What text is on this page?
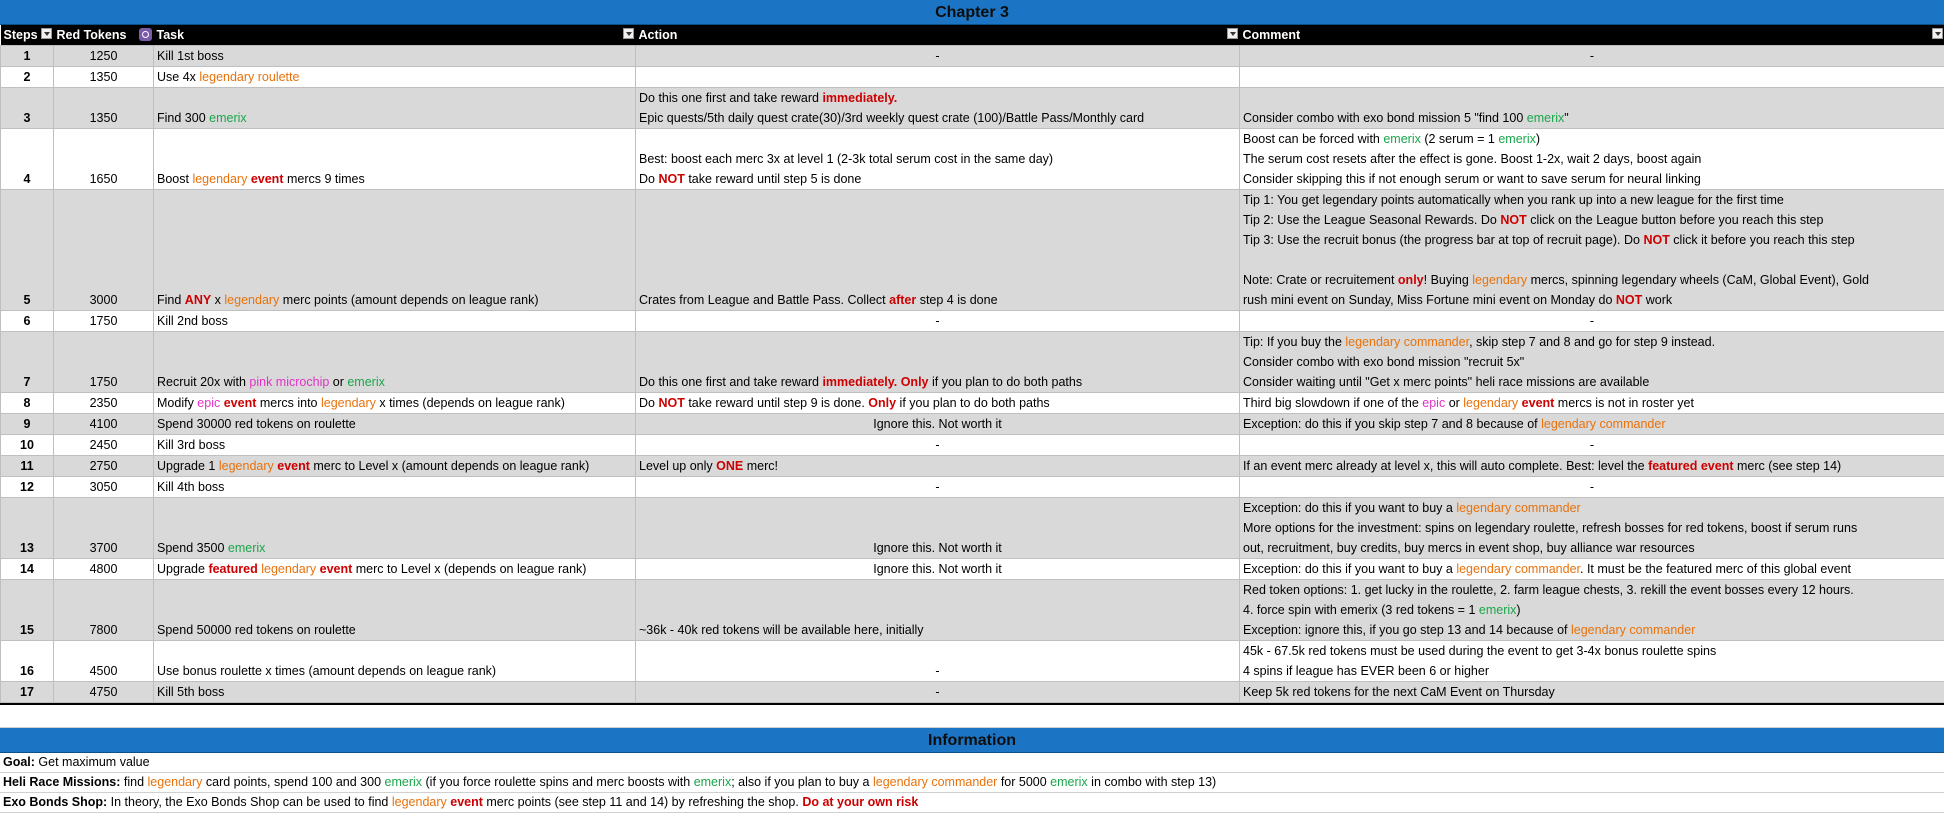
Chapter 3
Steps	Red Tokens	Task	Action	Comment

1	1250	Kill 1st boss	-	-

2	1350	Use 4x legendary roulette		

3	1350	Find 300 emerix	Do this one first and take reward immediately.
Epic quests/5th daily quest crate(30)/3rd weekly quest crate (100)/Battle Pass/Monthly card	Consider combo with exo bond mission 5 "find 100 emerix"

4	1650	Boost legendary event mercs 9 times	Best: boost each merc 3x at level 1 (2-3k total serum cost in the same day)
Do NOT take reward until step 5 is done	Boost can be forced with emerix (2 serum = 1 emerix)
The serum cost resets after the effect is gone. Boost 1-2x, wait 2 days, boost again
Consider skipping this if not enough serum or want to save serum for neural linking

5	3000	Find ANY x legendary merc points (amount depends on league rank)	Crates from League and Battle Pass. Collect after step 4 is done	Tip 1: You get legendary points automatically when you rank up into a new league for the first time
Tip 2: Use the League Seasonal Rewards. Do NOT click on the League button before you reach this step
Tip 3: Use the recruit bonus (the progress bar at top of recruit page). Do NOT click it before you reach this step
Note: Crate or recruitement only! Buying legendary mercs, spinning legendary wheels (CaM, Global Event), Gold
rush mini event on Sunday, Miss Fortune mini event on Monday do NOT work

6	1750	Kill 2nd boss	-	-

7	1750	Recruit 20x with pink microchip or emerix	Do this one first and take reward immediately. Only if you plan to do both paths	Tip: If you buy the legendary commander, skip step 7 and 8 and go for step 9 instead.
Consider combo with exo bond mission "recruit 5x"
Consider waiting until "Get x merc points" heli race missions are available

8	2350	Modify epic event mercs into legendary x times (depends on league rank)	Do NOT take reward until step 9 is done. Only if you plan to do both paths	Third big slowdown if one of the epic or legendary event mercs is not in roster yet

9	4100	Spend 30000 red tokens on roulette	Ignore this. Not worth it	Exception: do this if you skip step 7 and 8 because of legendary commander

10	2450	Kill 3rd boss	-	-

11	2750	Upgrade 1 legendary event merc to Level x (amount depends on league rank)	Level up only ONE merc!	If an event merc already at level x, this will auto complete. Best: level the featured event merc (see step 14)

12	3050	Kill 4th boss	-	-

13	3700	Spend 3500 emerix	Ignore this. Not worth it	Exception: do this if you want to buy a legendary commander
More options for the investment: spins on legendary roulette, refresh bosses for red tokens, boost if serum runs
out, recruitment, buy credits, buy mercs in event shop, buy alliance war resources

14	4800	Upgrade featured legendary event merc to Level x (depends on league rank)	Ignore this. Not worth it	Exception: do this if you want to buy a legendary commander. It must be the featured merc of this global event

15	7800	Spend 50000 red tokens on roulette	~36k - 40k red tokens will be available here, initially	Red token options: 1. get lucky in the roulette, 2. farm league chests, 3. rekill the event bosses every 12 hours.
4. force spin with emerix (3 red tokens = 1 emerix)
Exception: ignore this, if you go step 13 and 14 because of legendary commander

16	4500	Use bonus roulette x times (amount depends on league rank)	-	45k - 67.5k red tokens must be used during the event to get 3-4x bonus roulette spins
4 spins if league has EVER been 6 or higher

17	4750	Kill 5th boss	-	Keep 5k red tokens for the next CaM Event on Thursday
Information
Goal: Get maximum value
Heli Race Missions: find legendary card points, spend 100 and 300 emerix (if you force roulette spins and merc boosts with emerix; also if you plan to buy a legendary commander for 5000 emerix in combo with step 13)
Exo Bonds Shop: In theory, the Exo Bonds Shop can be used to find legendary event merc points (see step 11 and 14) by refreshing the shop. Do at your own risk
